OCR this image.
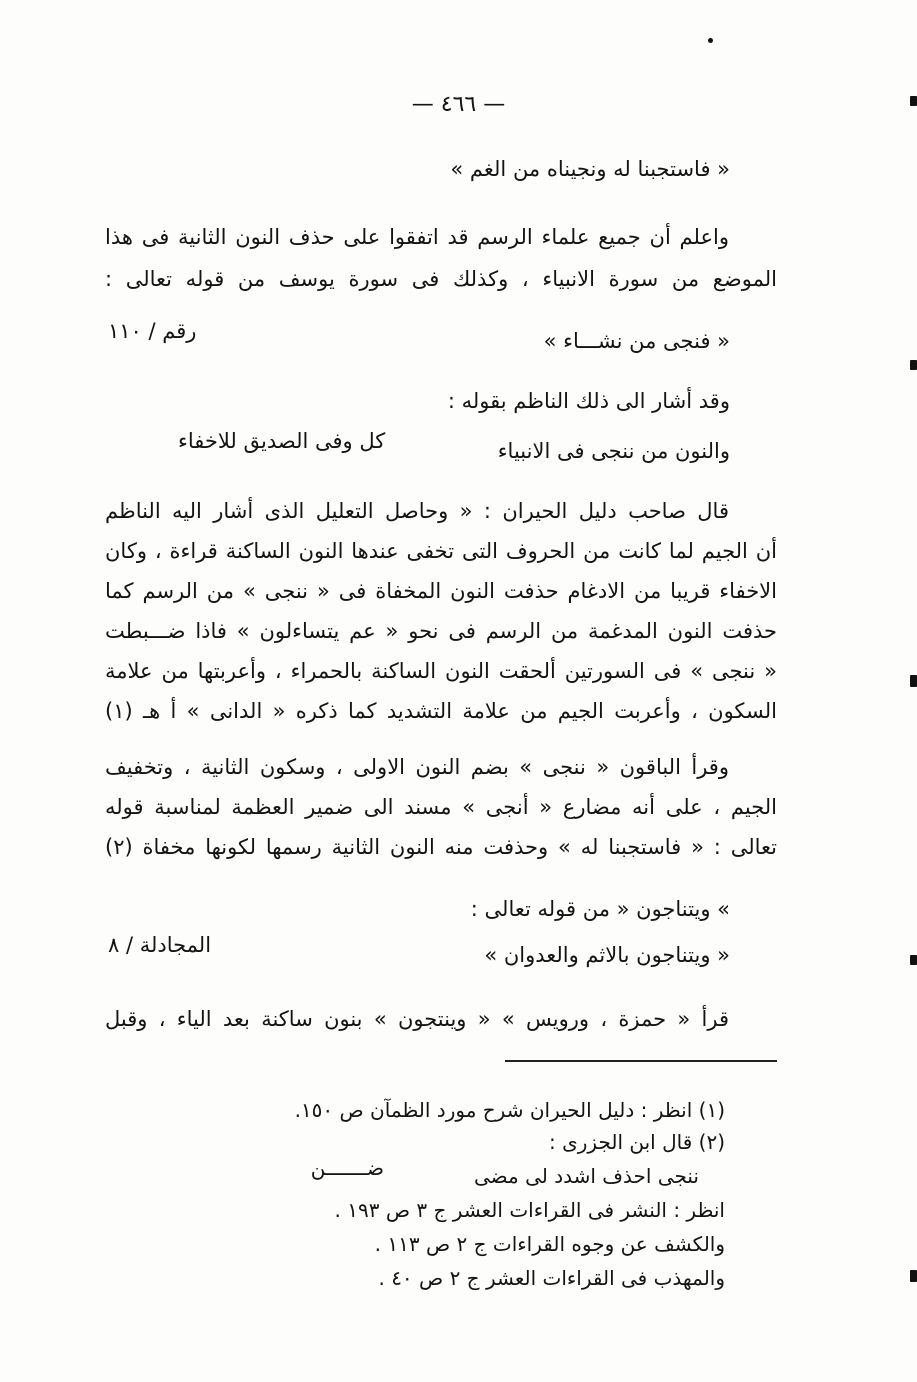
— ٤٦٦ —
« فاستجبنا له ونجيناه من الغم »
واعلم أن جميع علماء الرسم قد اتفقوا على حذف النون الثانية فى هذا
الموضع من سورة الانبياء ، وكذلك فى سورة يوسف من قوله تعالى :
« فنجى من نشـــاء »
رقم / ١١٠
وقد أشار الى ذلك الناظم بقوله :
والنون من ننجى فى الانبياء
كل وفى الصديق للاخفاء
قال صاحب دليل الحيران : « وحاصل التعليل الذى أشار اليه الناظم
أن الجيم لما كانت من الحروف التى تخفى عندها النون الساكنة قراءة ، وكان
الاخفاء قريبا من الادغام حذفت النون المخفاة فى « ننجى » من الرسم كما
حذفت النون المدغمة من الرسم فى نحو « عم يتساءلون » فاذا ضـــبطت
« ننجى » فى السورتين ألحقت النون الساكنة بالحمراء ، وأعربتها من علامة
السكون ، وأعربت الجيم من علامة التشديد كما ذكره « الدانى » أ هـ (١)
وقرأ الباقون « ننجى » بضم النون الاولى ، وسكون الثانية ، وتخفيف
الجيم ، على أنه مضارع « أنجى » مسند الى ضمير العظمة لمناسبة قوله
تعالى : « فاستجبنا له » وحذفت منه النون الثانية رسمها لكونها مخفاة (٢)
» ويتناجون « من قوله تعالى :
« ويتناجون بالاثم والعدوان »
المجادلة / ٨
قرأ « حمزة ، ورويس » « وينتجون » بنون ساكنة بعد الياء ، وقبل
(١) انظر : دليل الحيران شرح مورد الظمآن ص ١٥٠.
(٢) قال ابن الجزرى :
ننجى احذف اشدد لى مضى
ضـــــــن
انظر : النشر فى القراءات العشر ج ٣ ص ١٩٣ .
والكشف عن وجوه القراءات ج ٢ ص ١١٣ .
والمهذب فى القراءات العشر ج ٢ ص ٤٠ .
